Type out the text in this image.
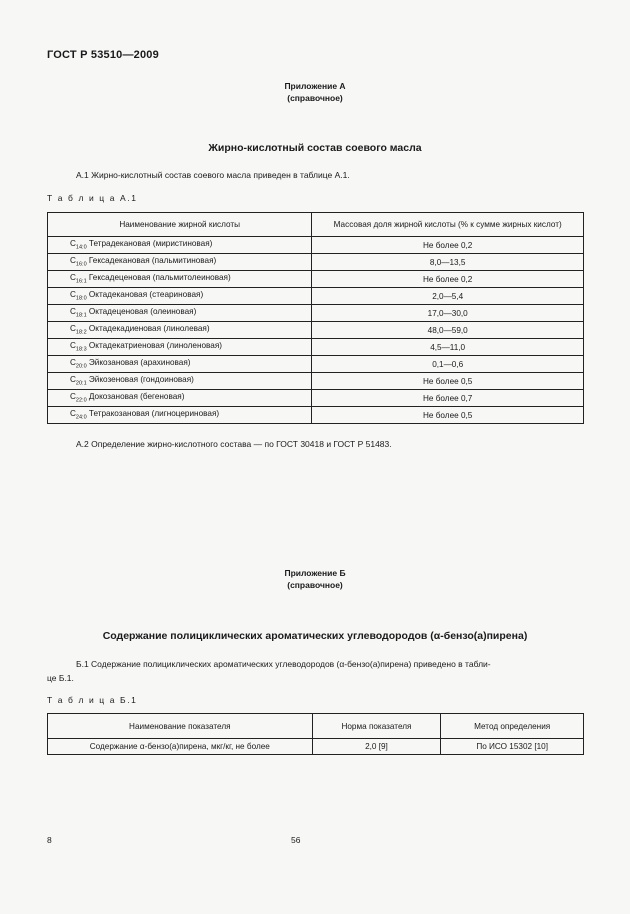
ГОСТ Р 53510—2009
Приложение А
(справочное)
Жирно-кислотный состав соевого масла
А.1 Жирно-кислотный состав соевого масла приведен в таблице А.1.
Т а б л и ц а А.1
Наименование жирной кислоты	Массовая доля жирной кислоты (% к сумме жирных кислот)
$C_{14:0}$ Тетрадекановая (миристиновая)	Не более 0,2
$C_{16:0}$ Гексадекановая (пальмитиновая)	8,0—13,5
$C_{16:1}$ Гексадеценовая (пальмитолеиновая)	Не более 0,2
$C_{18:0}$ Октадекановая (стеариновая)	2,0—5,4
$C_{18:1}$ Октадеценовая (олеиновая)	17,0—30,0
$C_{18:2}$ Октадекадиеновая (линолевая)	48,0—59,0
$C_{18:3}$ Октадекатриеновая (линоленовая)	4,5—11,0
$C_{20:0}$ Эйкозановая (арахиновая)	0,1—0,6
$C_{20:1}$ Эйкозеновая (гондоиновая)	Не более 0,5
$C_{22:0}$ Докозановая (бегеновая)	Не более 0,7
$C_{24:0}$ Тетракозановая (лигноцериновая)	Не более 0,5
А.2 Определение жирно-кислотного состава — по ГОСТ 30418 и ГОСТ Р 51483.
Приложение Б
(справочное)
Содержание полициклических ароматических углеводородов (α-бензо(а)пирена)
Б.1 Содержание полициклических ароматических углеводородов (α-бензо(а)пирена) приведено в табли-
це Б.1.
Т а б л и ц а Б.1
Наименование показателя	Норма показателя	Метод определения
Содержание α-бензо(а)пирена, мкг/кг, не более	2,0 [9]	По ИСО 15302 [10]
8	56
